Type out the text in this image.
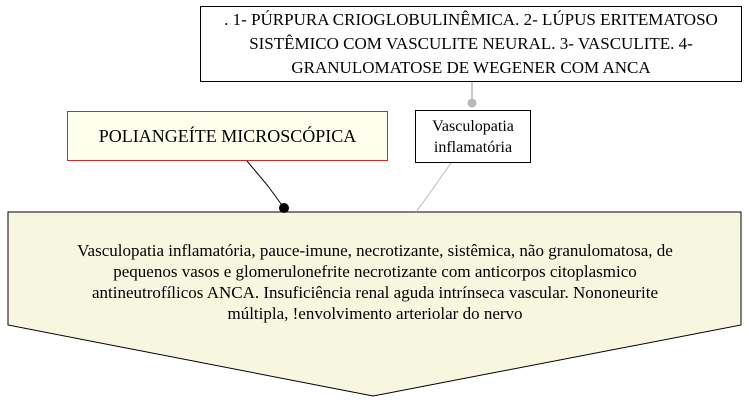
. 1- PÚRPURA CRIOGLOBULINÊMICA. 2- LÚPUS ERITEMATOSO SISTÊMICO COM VASCULITE NEURAL. 3- VASCULITE. 4- GRANULOMATOSE DE WEGENER COM ANCA
POLIANGEÍTE MICROSCÓPICA	Vasculopatia inflamatória
Vasculopatia inflamatória, pauce-imune, necrotizante, sistêmica, não granulomatosa, de pequenos vasos e glomerulonefrite necrotizante com anticorpos citoplasmico antineutrofílicos ANCA. Insuficiência renal aguda intrínseca vascular. Nononeurite múltipla, !envolvimento arteriolar do nervo
